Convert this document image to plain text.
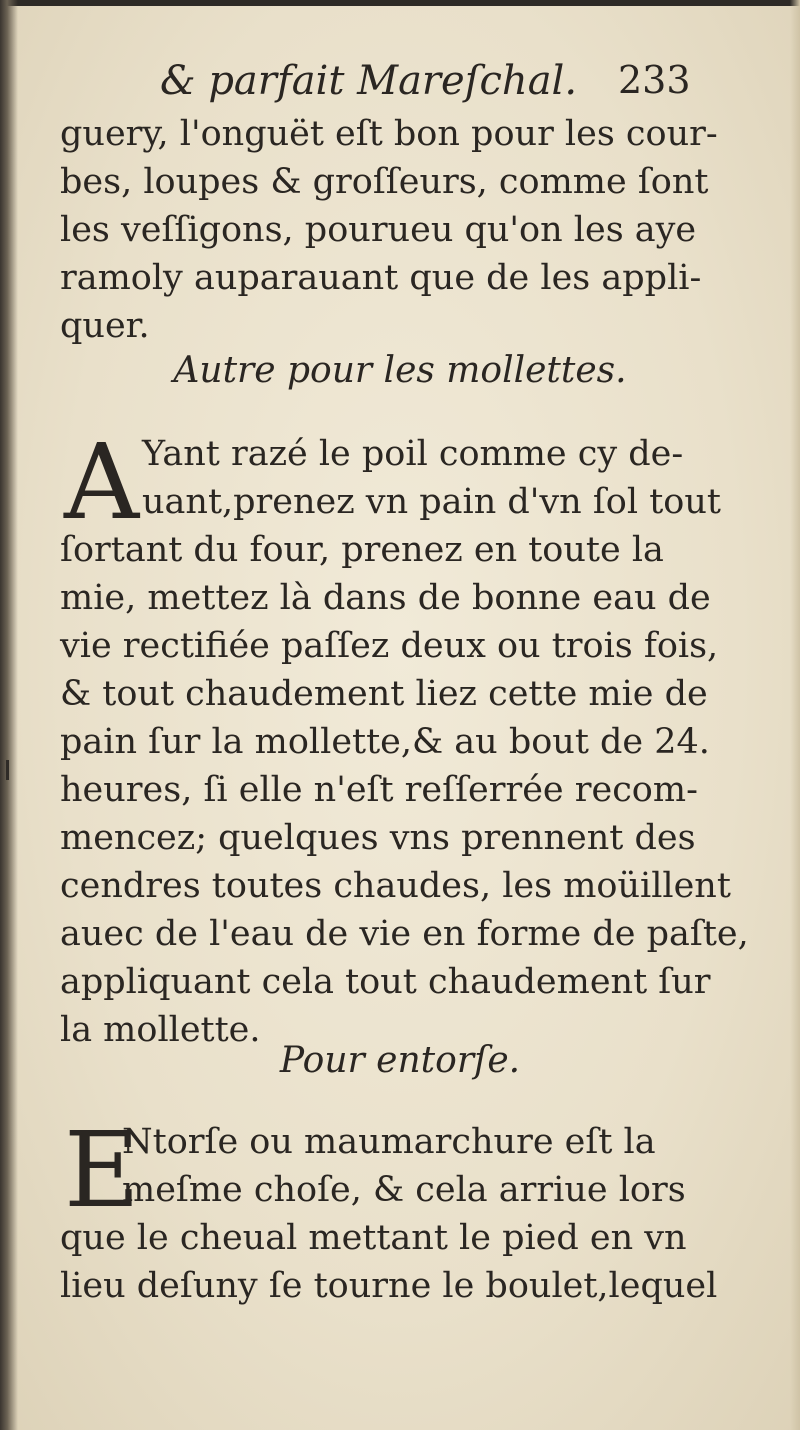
& parfait Mareſchal. 233
guery, l'onguët eſt bon pour les cour-
bes, loupes & groſſeurs, comme ſont
les veſſigons, pourueu qu'on les aye
ramoly auparauant que de les appli-
quer.
Autre pour les mollettes.
A Yant razé le poil comme cy de-
uant,prenez vn pain d'vn ſol tout
ſortant du four, prenez en toute la
mie, mettez là dans de bonne eau de
vie rectifiée paſſez deux ou trois fois,
& tout chaudement liez cette mie de
pain ſur la mollette,& au bout de 24.
heures, ſi elle n'eſt reſſerrée recom-
mencez; quelques vns prennent des
cendres toutes chaudes, les moüillent
auec de l'eau de vie en forme de paſte,
appliquant cela tout chaudement ſur
la mollette.
Pour entorſe.
E
Ntorſe ou maumarchure eſt la
meſme choſe, & cela arriue lors
que le cheual mettant le pied en vn
lieu deſuny ſe tourne le boulet,lequel
